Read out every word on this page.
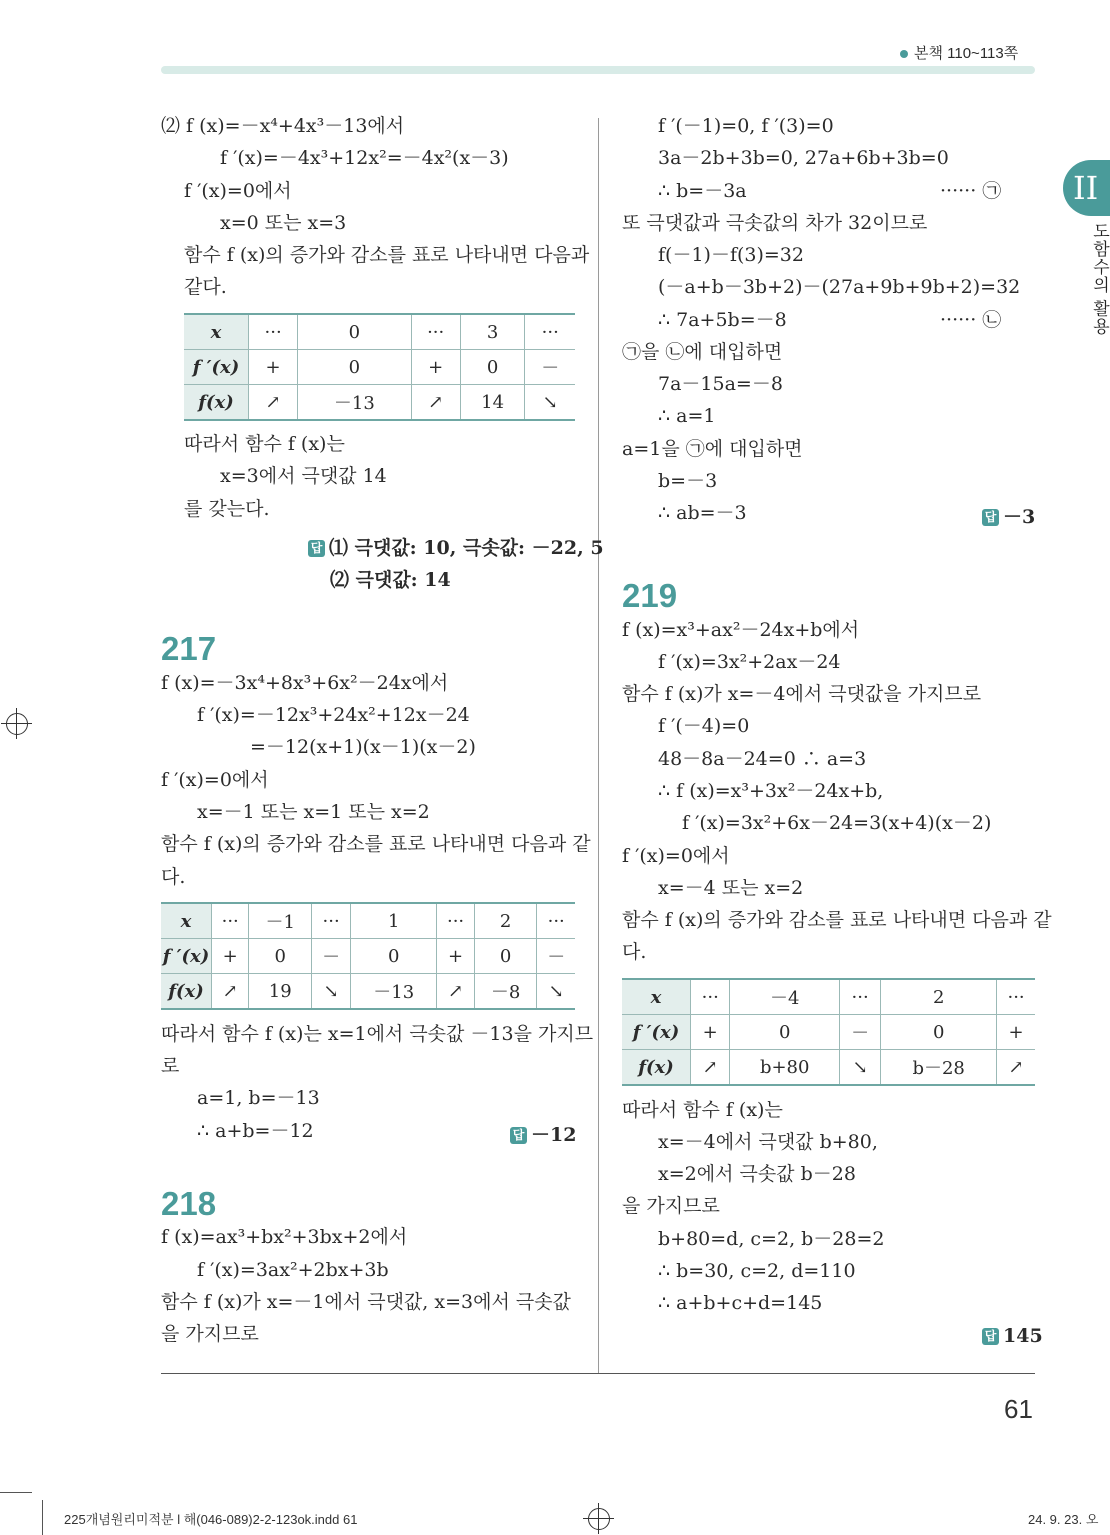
본책 110~113쪽
II
도함수의 활용
⑵ f (x)=－x⁴+4x³－13에서
f ′(x)=－4x³+12x²=－4x²(x－3)
f ′(x)=0에서
x=0 또는 x=3
함수 f (x)의 증가와 감소를 표로 나타내면 다음과
같다.
x	···	0	···	3	···
f ′(x)	+	0	+	0	－
f(x)	↗	－13	↗	14	↘
따라서 함수 f (x)는
x=3에서 극댓값 14
를 갖는다.
답 ⑴ 극댓값: 10, 극솟값: －22, 5
⑵ 극댓값: 14
217
f (x)=－3x⁴+8x³+6x²－24x에서
f ′(x)=－12x³+24x²+12x－24
=－12(x+1)(x－1)(x－2)
f ′(x)=0에서
x=－1 또는 x=1 또는 x=2
함수 f (x)의 증가와 감소를 표로 나타내면 다음과 같
다.
x	···	－1	···	1	···	2	···
f ′(x)	+	0	－	0	+	0	－
f(x)	↗	19	↘	－13	↗	－8	↘
따라서 함수 f (x)는 x=1에서 극솟값 －13을 가지므
로
a=1, b=－13
∴ a+b=－12	답 －12
218
f (x)=ax³+bx²+3bx+2에서
f ′(x)=3ax²+2bx+3b
함수 f (x)가 x=－1에서 극댓값, x=3에서 극솟값
을 가지므로
f ′(－1)=0, f ′(3)=0
3a－2b+3b=0, 27a+6b+3b=0
∴ b=－3a	······ ㉠
또 극댓값과 극솟값의 차가 32이므로
f(－1)－f(3)=32
(－a+b－3b+2)－(27a+9b+9b+2)=32
∴ 7a+5b=－8	······ ㉡
㉠을 ㉡에 대입하면
7a－15a=－8
∴ a=1
a=1을 ㉠에 대입하면
b=－3
∴ ab=－3	답 －3
219
f (x)=x³+ax²－24x+b에서
f ′(x)=3x²+2ax－24
함수 f (x)가 x=－4에서 극댓값을 가지므로
f ′(－4)=0
48－8a－24=0 ∴ a=3
∴ f (x)=x³+3x²－24x+b,
f ′(x)=3x²+6x－24=3(x+4)(x－2)
f ′(x)=0에서
x=－4 또는 x=2
함수 f (x)의 증가와 감소를 표로 나타내면 다음과 같
다.
x	···	－4	···	2	···
f ′(x)	+	0	－	0	+
f(x)	↗	b+80	↘	b－28	↗
따라서 함수 f (x)는
x=－4에서 극댓값 b+80,
x=2에서 극솟값 b－28
을 가지므로
b+80=d, c=2, b－28=2
∴ b=30, c=2, d=110
∴ a+b+c+d=145
답 145
61
225개념원리미적분 l 해(046-089)2-2-123ok.indd 61	24. 9. 23. 오
